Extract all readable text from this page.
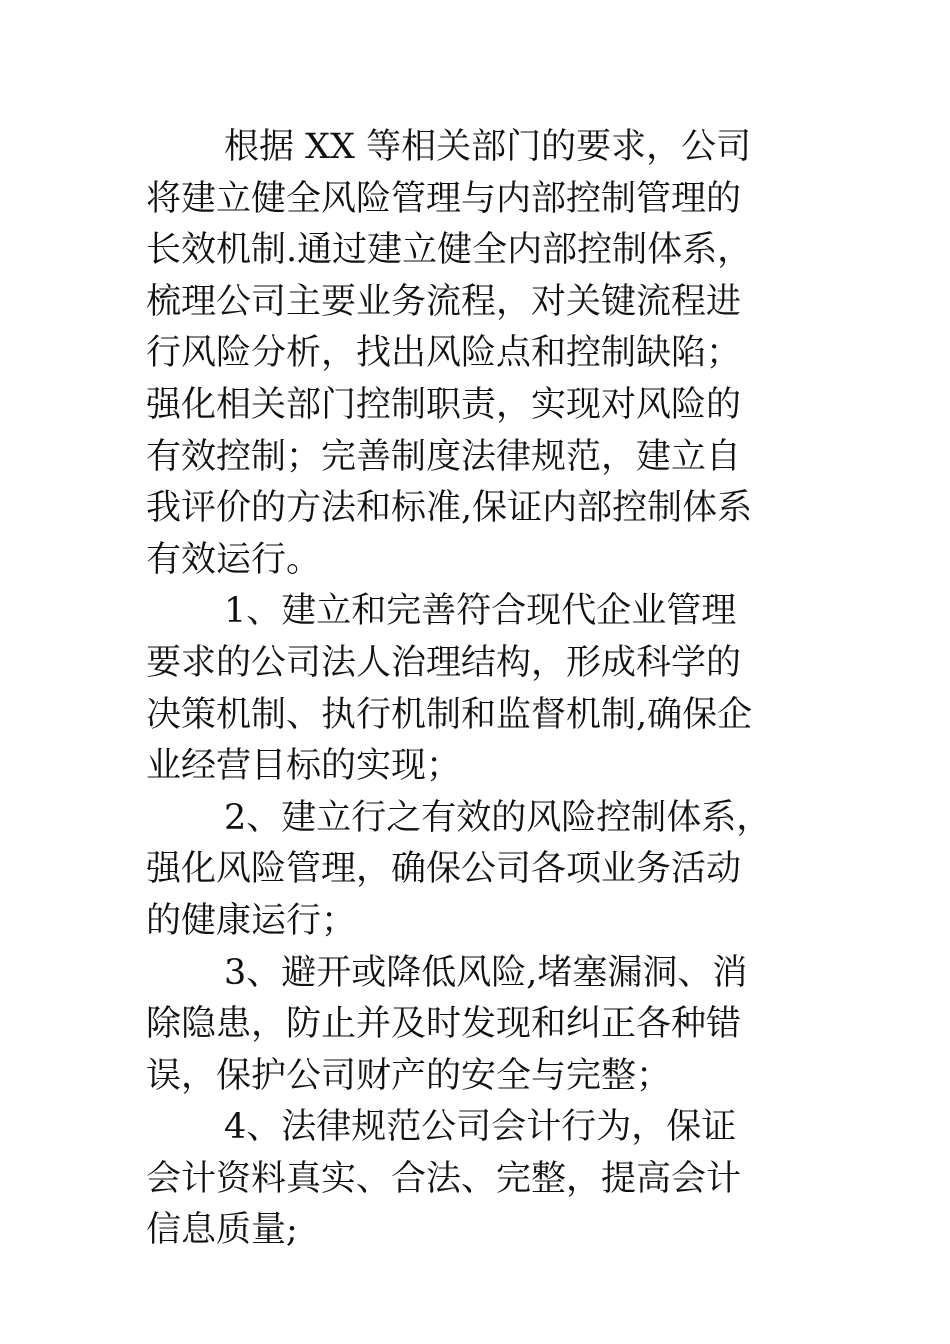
根据 XX 等相关部门的要求，公司
将建立健全风险管理与内部控制管理的
长效机制.通过建立健全内部控制体系，
梳理公司主要业务流程，对关键流程进
行风险分析，找出风险点和控制缺陷；
强化相关部门控制职责，实现对风险的
有效控制；完善制度法律规范，建立自
我评价的方法和标准,保证内部控制体系
有效运行。
1、建立和完善符合现代企业管理
要求的公司法人治理结构，形成科学的
决策机制、执行机制和监督机制,确保企
业经营目标的实现；
2、建立行之有效的风险控制体系，
强化风险管理，确保公司各项业务活动
的健康运行；
3、避开或降低风险,堵塞漏洞、消
除隐患，防止并及时发现和纠正各种错
误，保护公司财产的安全与完整；
4、法律规范公司会计行为，保证
会计资料真实、合法、完整，提高会计
信息质量;
